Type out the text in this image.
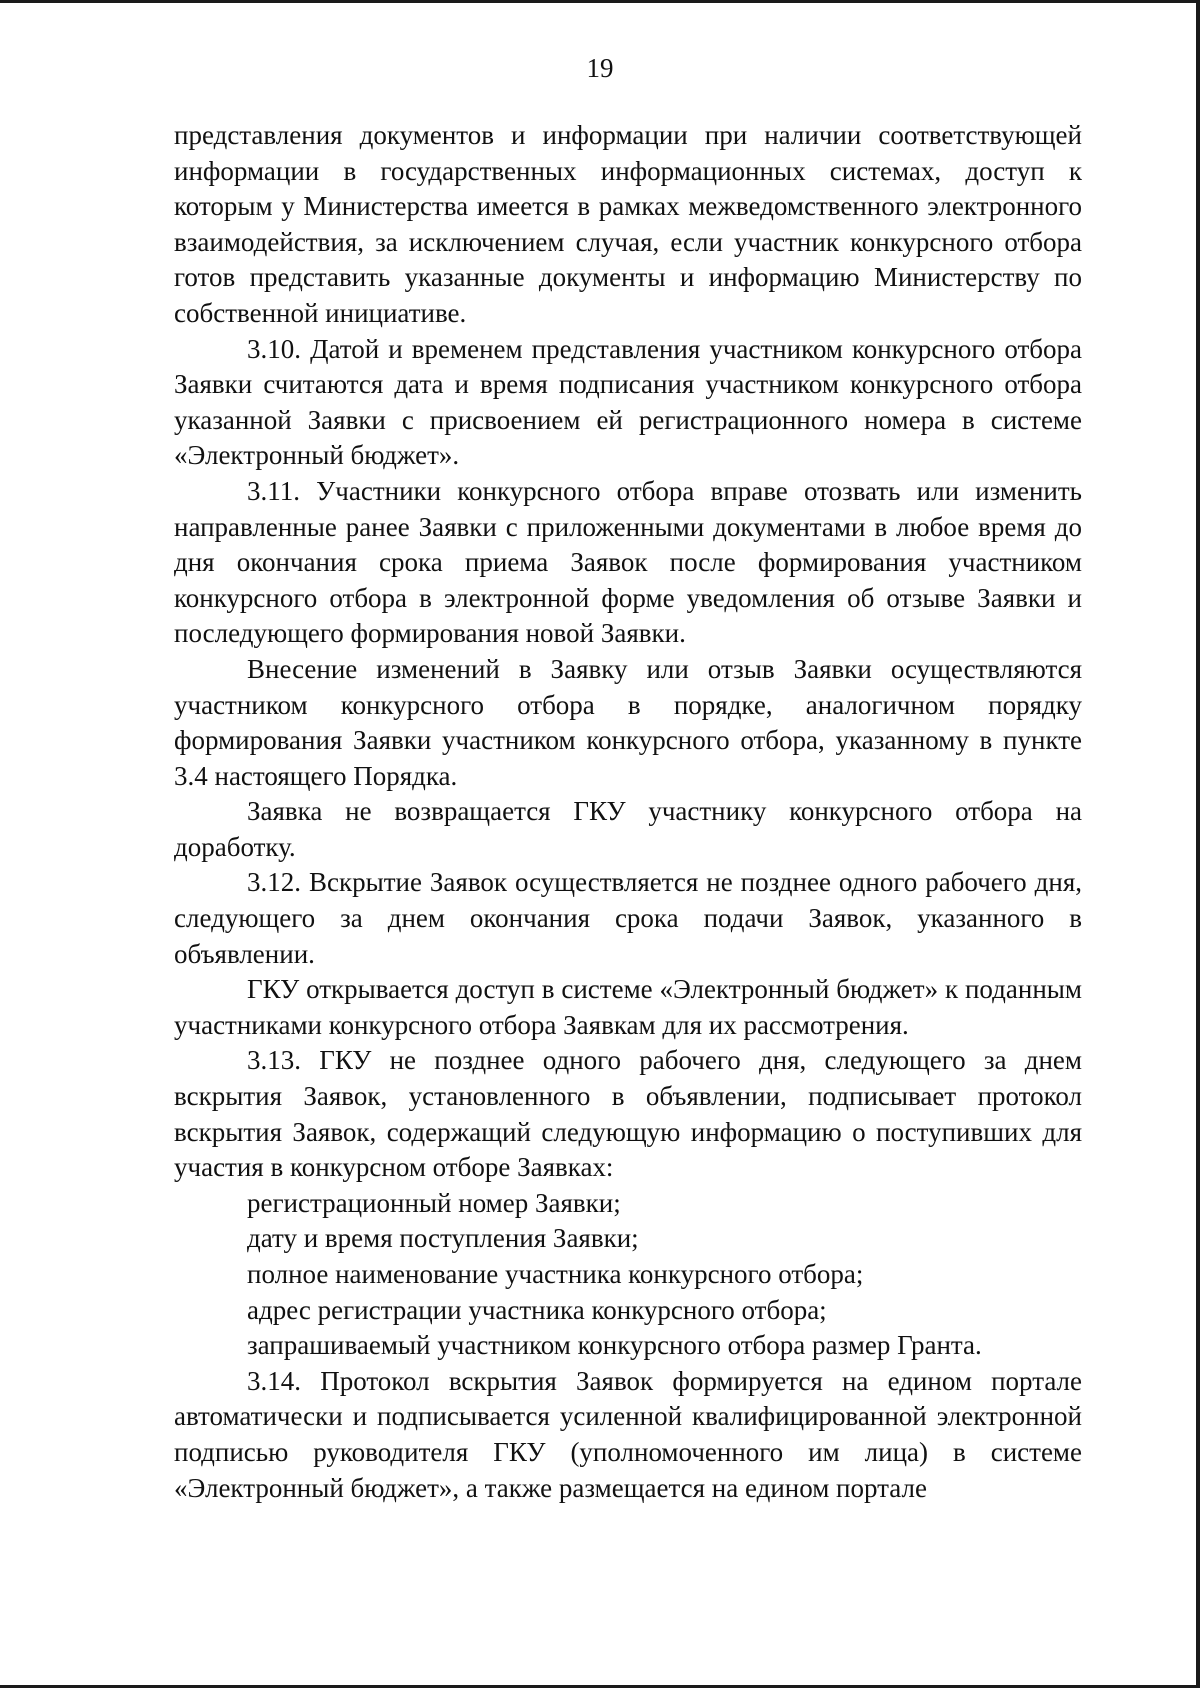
19

представления документов и информации при наличии соответствующей информации в государственных информационных системах, доступ к которым у Министерства имеется в рамках межведомственного электронного взаимодействия, за исключением случая, если участник конкурсного отбора готов представить указанные документы и информацию Министерству по собственной инициативе.

3.10. Датой и временем представления участником конкурсного отбора Заявки считаются дата и время подписания участником конкурсного отбора указанной Заявки с присвоением ей регистрационного номера в системе «Электронный бюджет».

3.11. Участники конкурсного отбора вправе отозвать или изменить направленные ранее Заявки с приложенными документами в любое время до дня окончания срока приема Заявок после формирования участником конкурсного отбора в электронной форме уведомления об отзыве Заявки и последующего формирования новой Заявки.

Внесение изменений в Заявку или отзыв Заявки осуществляются участником конкурсного отбора в порядке, аналогичном порядку формирования Заявки участником конкурсного отбора, указанному в пункте 3.4 настоящего Порядка.

Заявка не возвращается ГКУ участнику конкурсного отбора на доработку.

3.12. Вскрытие Заявок осуществляется не позднее одного рабочего дня, следующего за днем окончания срока подачи Заявок, указанного в объявлении.

ГКУ открывается доступ в системе «Электронный бюджет» к поданным участниками конкурсного отбора Заявкам для их рассмотрения.

3.13. ГКУ не позднее одного рабочего дня, следующего за днем вскрытия Заявок, установленного в объявлении, подписывает протокол вскрытия Заявок, содержащий следующую информацию о поступивших для участия в конкурсном отборе Заявках:

регистрационный номер Заявки;

дату и время поступления Заявки;

полное наименование участника конкурсного отбора;

адрес регистрации участника конкурсного отбора;

запрашиваемый участником конкурсного отбора размер Гранта.

3.14. Протокол вскрытия Заявок формируется на едином портале автоматически и подписывается усиленной квалифицированной электронной подписью руководителя ГКУ (уполномоченного им лица) в системе «Электронный бюджет», а также размещается на едином портале
